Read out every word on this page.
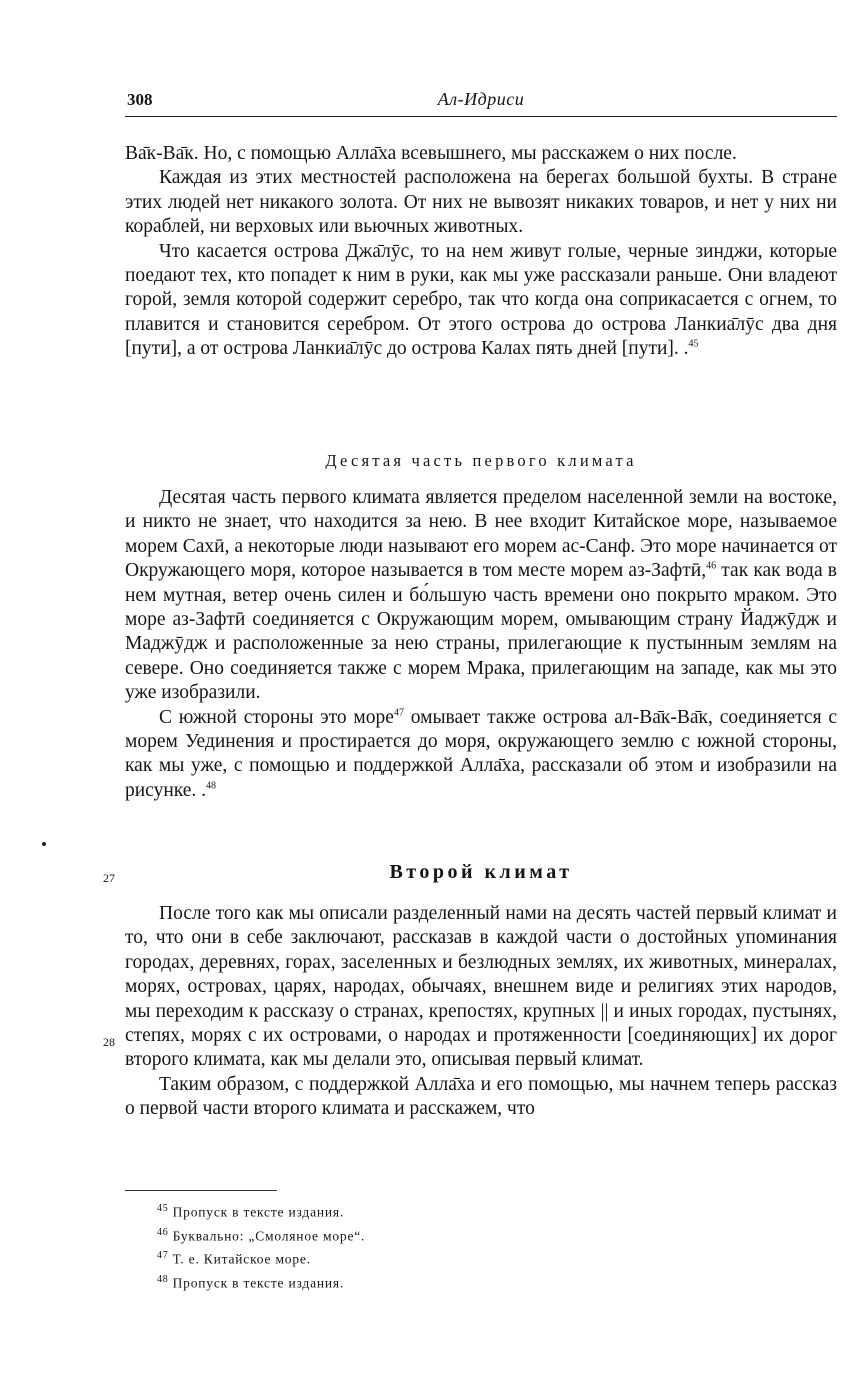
308	Ал-Идриси

Ва̄к-Ва̄к. Но, с помощью Алла̄ха всевышнего, мы расскажем о них после.

Каждая из этих местностей расположена на берегах большой бухты. В стране этих людей нет никакого золота. От них не вывозят никаких товаров, и нет у них ни кораблей, ни верховых или вьючных животных.

Что касается острова Джа̄лӯс, то на нем живут голые, черные зинджи, которые поедают тех, кто попадет к ним в руки, как мы уже рассказали раньше. Они владеют горой, земля которой содержит серебро, так что когда она соприкасается с огнем, то плавится и становится серебром. От этого острова до острова Ланкиа̄лӯс два дня [пути], а от острова Ланкиа̄лӯс до острова Калах пять дней [пути]. .$^{45}$

Десятая часть первого климата

Десятая часть первого климата является пределом населенной земли на востоке, и никто не знает, что находится за нею. В нее входит Китайское море, называемое морем Сахӣ, а некоторые люди называют его морем ас-Санф. Это море начинается от Окружающего моря, которое называется в том месте морем аз-Зафтӣ,$^{46}$ так как вода в нем мутная, ветер очень силен и бо́льшую часть времени оно покрыто мраком. Это море аз-Зафтӣ соединяется с Окружающим морем, омывающим страну Йаджӯдж и Маджӯдж и расположенные за нею страны, прилегающие к пустынным землям на севере. Оно соединяется также с морем Мрака, прилегающим на западе, как мы это уже изобразили.

С южной стороны это море$^{47}$ омывает также острова ал-Ва̄к-Ва̄к, соединяется с морем Уединения и простирается до моря, окружающего землю с южной стороны, как мы уже, с помощью и поддержкой Алла̄ха, рассказали об этом и изобразили на рисунке. .$^{48}$

27	Второй климат

После того как мы описали разделенный нами на десять частей первый климат и то, что они в себе заключают, рассказав в каждой части о достойных упоминания городах, деревнях, горах, заселенных и безлюдных землях, их животных, минералах, морях, островах, царях, народах, обычаях, внешнем виде и религиях этих народов, мы переходим к рассказу о странах, крепостях, крупных || и иных городах, пустынях, степях, морях с их островами, о народах и протяженности [соединяющих] их дорог второго климата, как мы делали это, описывая первый климат.

Таким образом, с поддержкой Алла̄ха и его помощью, мы начнем теперь рассказ о первой части второго климата и расскажем, что

28
$^{45}$ Пропуск в тексте издания.
$^{46}$ Буквально: „Смоляное море“.
$^{47}$ Т. е. Китайское море.
$^{48}$ Пропуск в тексте издания.
